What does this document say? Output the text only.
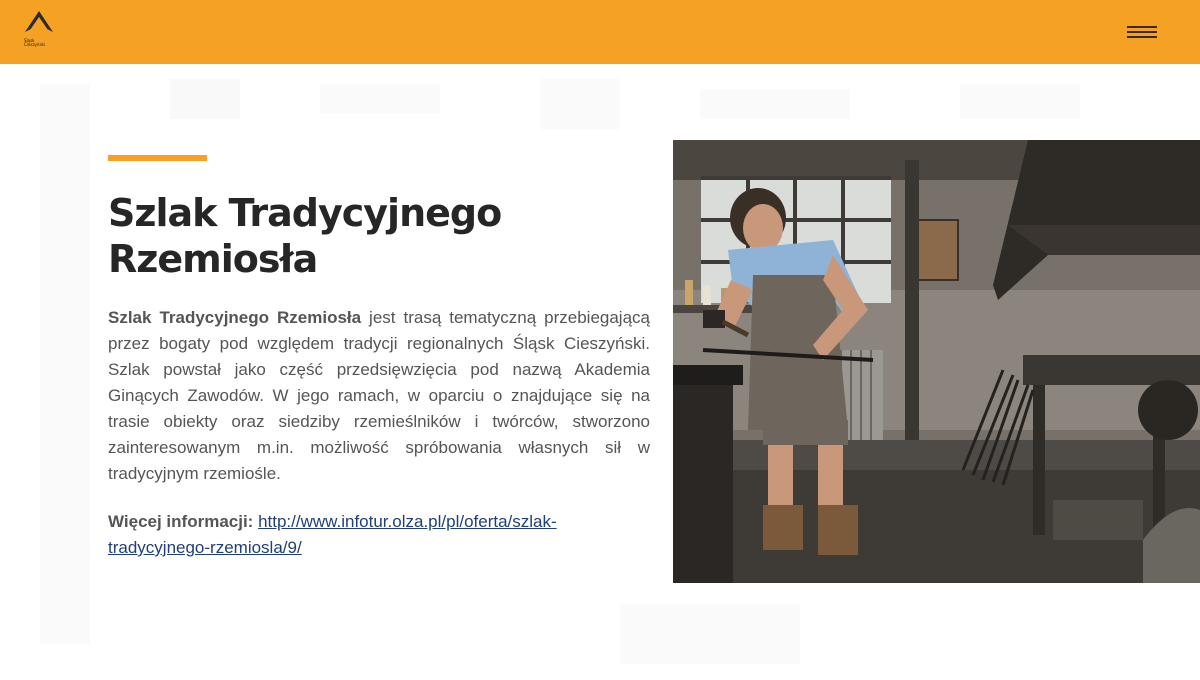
Śląsk
Cieszyński
Szlak Tradycyjnego Rzemiosła
Szlak Tradycyjnego Rzemiosła jest trasą tematyczną przebiegającą przez bogaty pod względem tradycji regionalnych Śląsk Cieszyński. Szlak powstał jako część przedsięwzięcia pod nazwą Akademia Ginących Zawodów. W jego ramach, w oparciu o znajdujące się na trasie obiekty oraz siedziby rzemieślników i twórców, stworzono zainteresowanym m.in. możliwość spróbowania własnych sił w tradycyjnym rzemiośle.
Więcej informacji: http://www.infotur.olza.pl/pl/oferta/szlak-tradycyjnego-rzemiosla/9/
